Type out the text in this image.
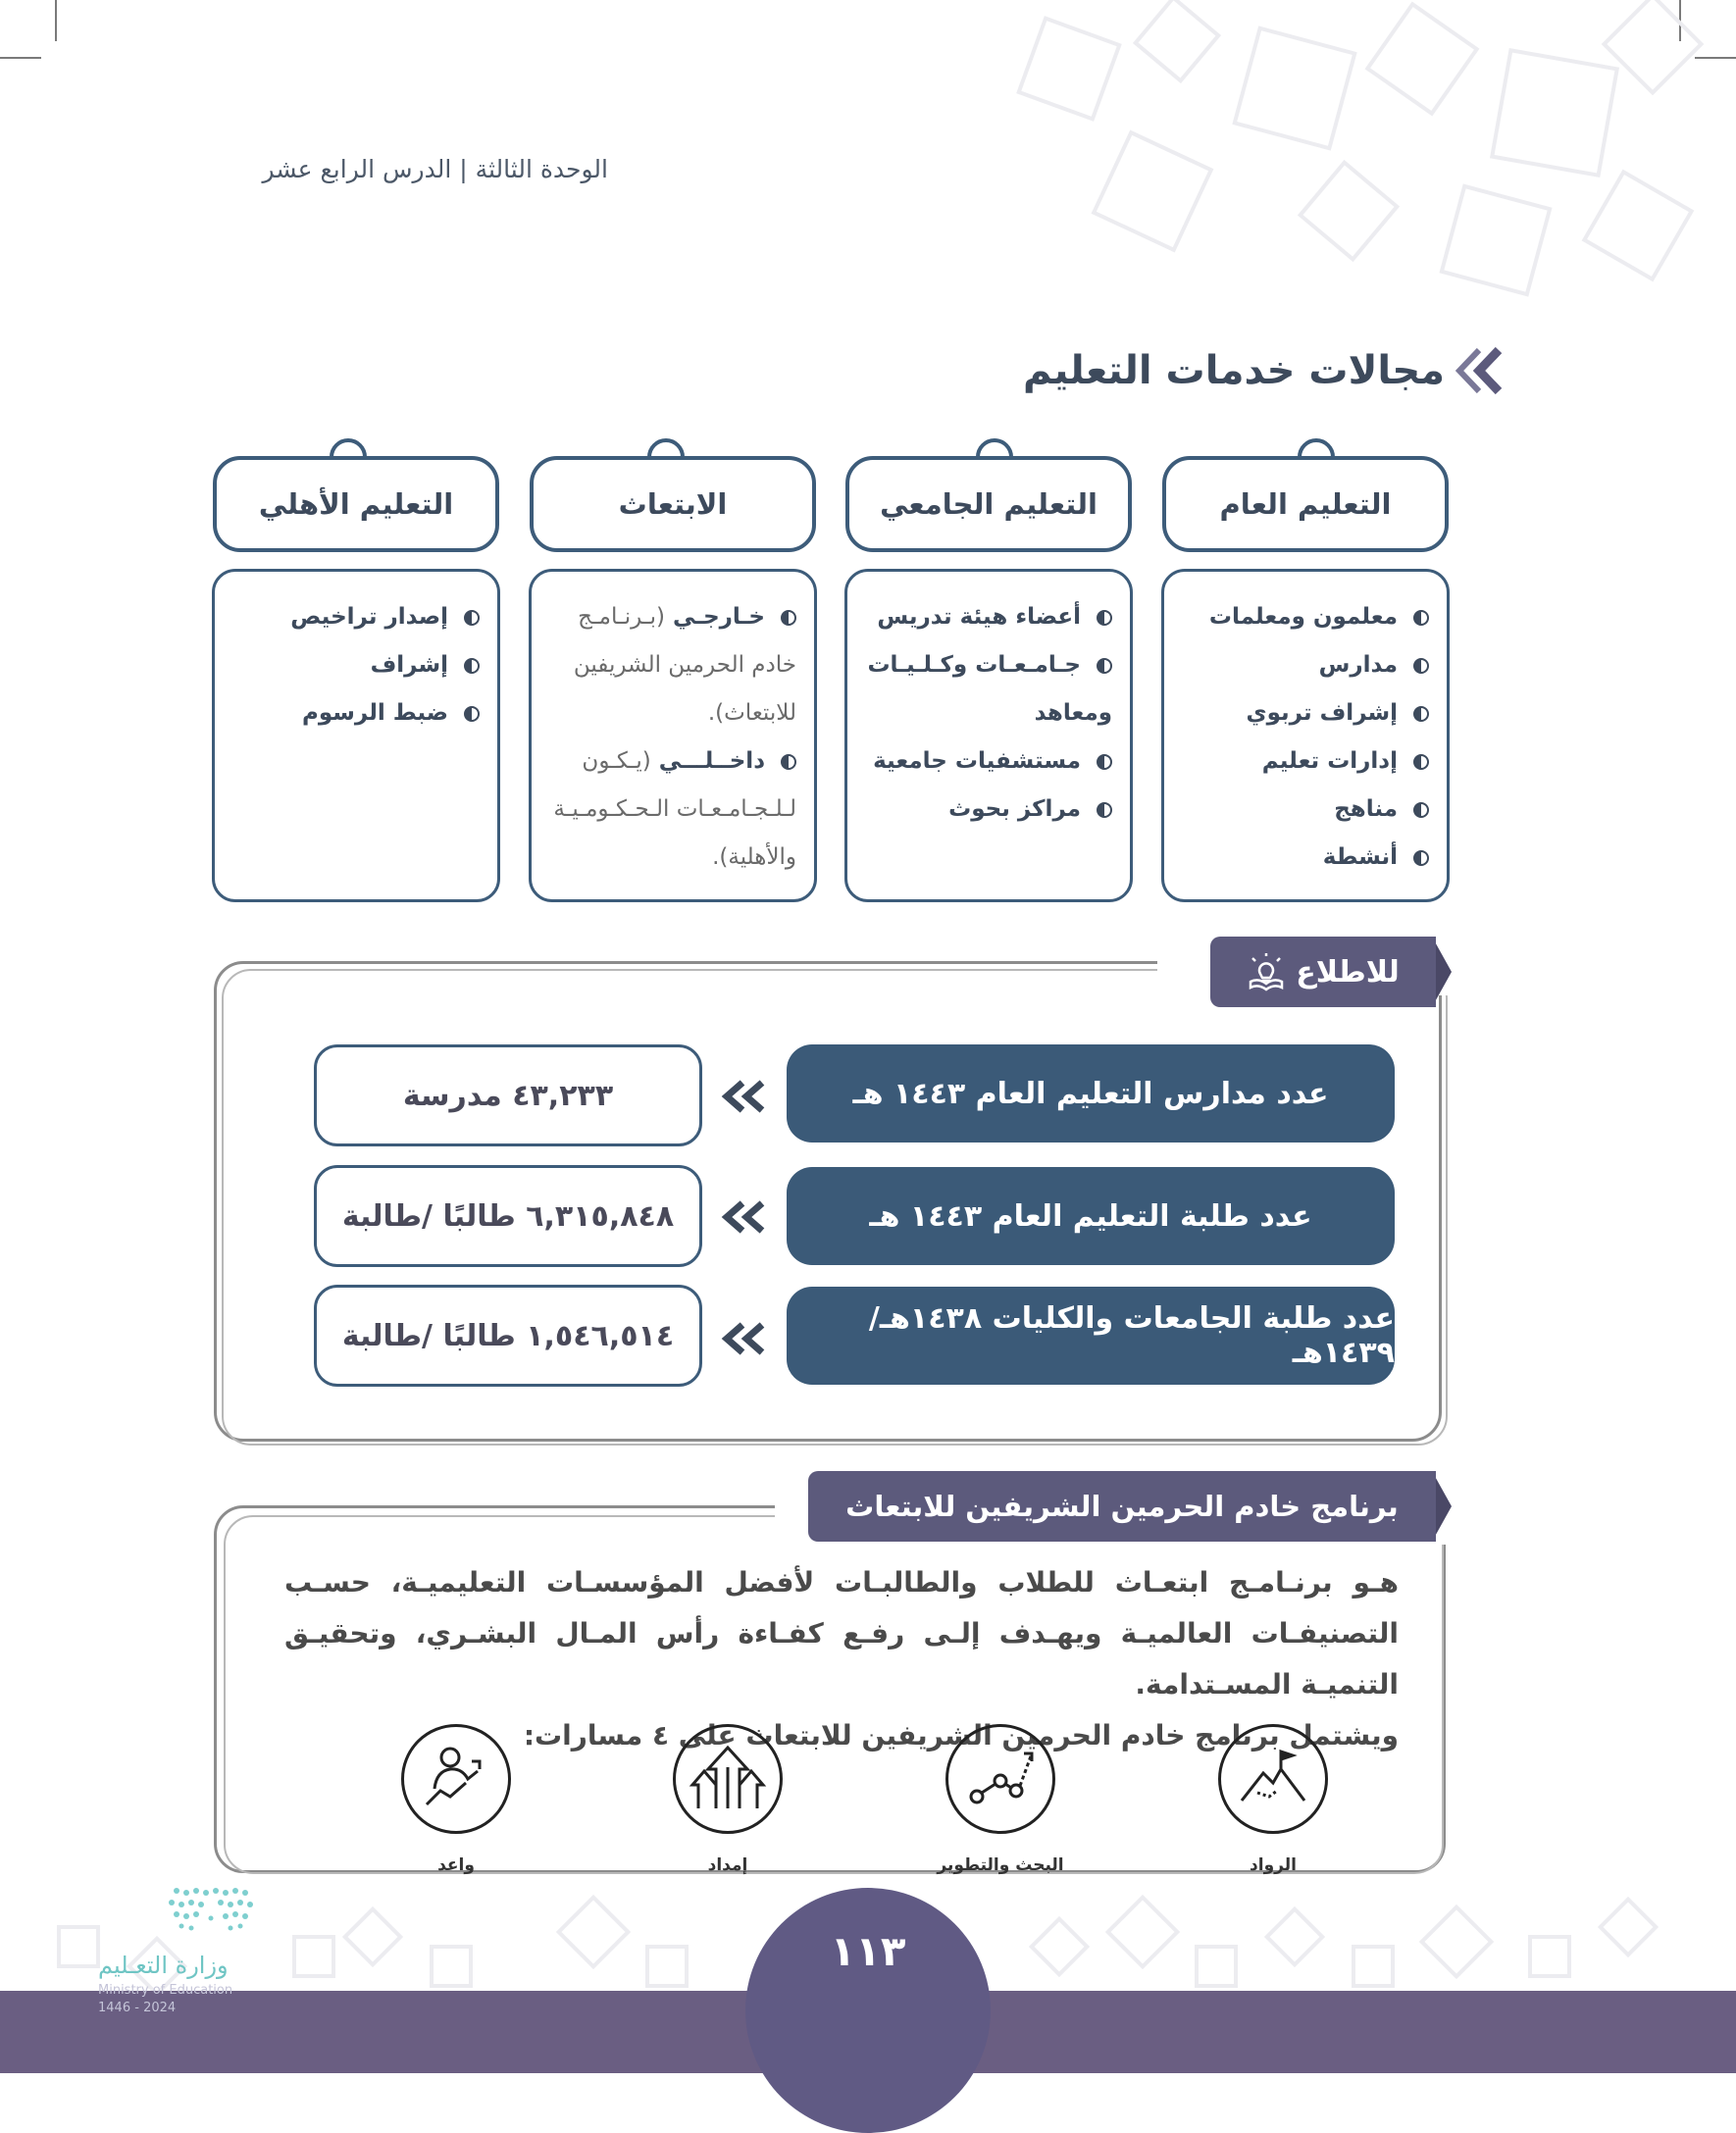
الوحدة الثالثة | الدرس الرابع عشر
مجالات خدمات التعليم
التعليم العام
معلمون ومعلمات
مدارس
إشراف تربوي
إدارات تعليم
مناهج
أنشطة
التعليم الجامعي
أعضاء هيئة تدريس
جـامـعـات وكـلـيـات
ومعاهد
مستشفيات جامعية
مراكز بحوث
الابتعاث
خـارجـي (بـرنـامـج
خادم الحرمين الشريفين
للابتعاث).
داخــلـــي (يـكـون
لـلـجـامـعـات الـحـكـومـيـة
والأهلية).
التعليم الأهلي
إصدار تراخيص
إشراف
ضبط الرسوم
للاطلاع
عدد مدارس التعليم العام ١٤٤٣ هـ
٤٣,٢٣٣ مدرسة
عدد طلبة التعليم العام ١٤٤٣ هـ
٦,٣١٥,٨٤٨ طالبًا /طالبة
عدد طلبة الجامعات والكليات ١٤٣٨هـ/١٤٣٩هـ
١,٥٤٦,٥١٤ طالبًا /طالبة
برنامج خادم الحرمين الشريفين للابتعاث
هـو برنـامـج ابتعـاث للطلاب والطالبـات لأفضل المؤسسـات التعليميـة، حسـب التصنيفـات العالميـة ويهـدف إلـى رفـع كفـاءة رأس المـال البشـري، وتحقيـق التنميـة المسـتدامة.
ويشتمل برنامج خادم الحرمين الشريفين للابتعاث على ٤ مسارات:
الرواد
البحث والتطوير
إمداد
واعد
١١٣
وزارة التعـليم
Ministry of Education
2024 - 1446
